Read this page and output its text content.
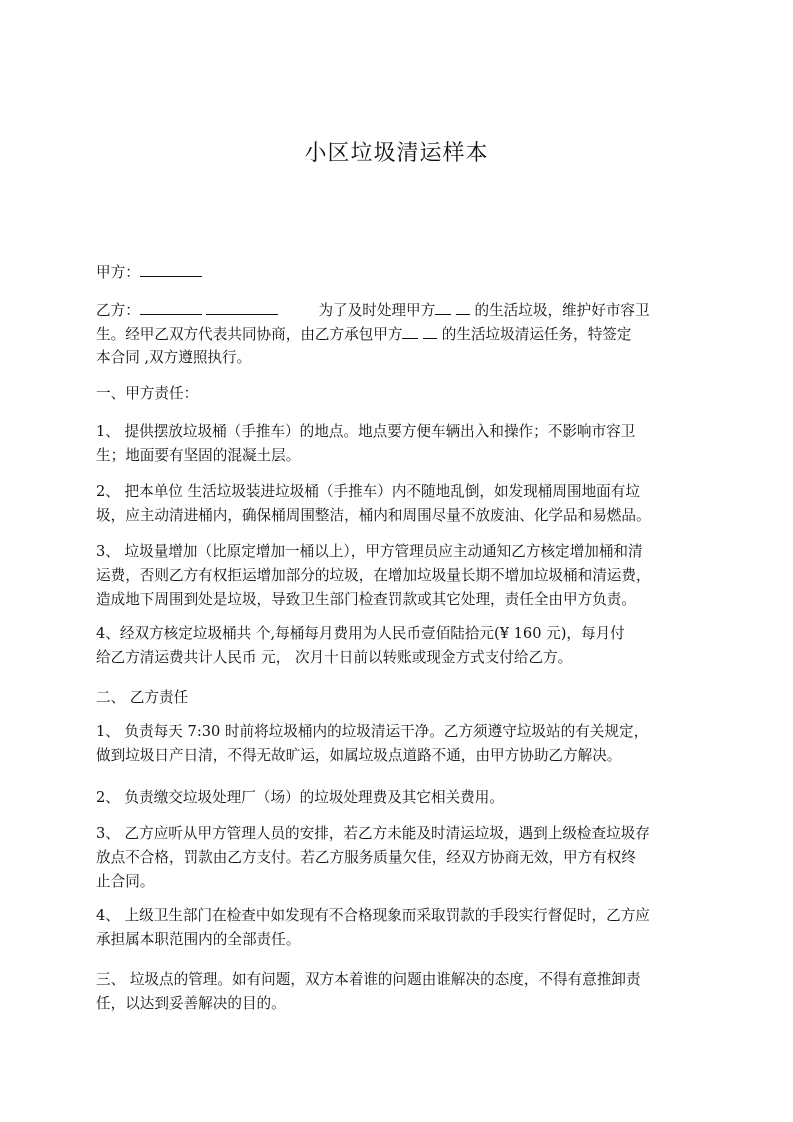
小区垃圾清运样本
甲方：
乙方：	为了及时处理甲方	的生活垃圾，维护好市容卫
生。经甲乙双方代表共同协商，由乙方承包甲方	的生活垃圾清运任务，特签定
本合同 ,双方遵照执行。
一、甲方责任：
1、 提供摆放垃圾桶（手推车）的地点。地点要方便车辆出入和操作；不影响市容卫
生；地面要有坚固的混凝土层。
2、 把本单位 生活垃圾装进垃圾桶（手推车）内不随地乱倒，如发现桶周围地面有垃
圾，应主动清进桶内，确保桶周围整洁，桶内和周围尽量不放废油、化学品和易燃品。
3、 垃圾量增加（比原定增加一桶以上），甲方管理员应主动通知乙方核定增加桶和清
运费，否则乙方有权拒运增加部分的垃圾，在增加垃圾量长期不增加垃圾桶和清运费，
造成地下周围到处是垃圾，导致卫生部门检查罚款或其它处理，责任全由甲方负责。
4、经双方核定垃圾桶共 个,每桶每月费用为人民币壹佰陆拾元(¥ 160 元)，每月付
给乙方清运费共计人民币 元， 次月十日前以转账或现金方式支付给乙方。
二、 乙方责任
1、 负责每天 7:30 时前将垃圾桶内的垃圾清运干净。乙方须遵守垃圾站的有关规定，
做到垃圾日产日清，不得无故旷运，如属垃圾点道路不通，由甲方协助乙方解决。
2、 负责缴交垃圾处理厂（场）的垃圾处理费及其它相关费用。
3、 乙方应听从甲方管理人员的安排，若乙方未能及时清运垃圾，遇到上级检查垃圾存
放点不合格，罚款由乙方支付。若乙方服务质量欠佳，经双方协商无效，甲方有权终
止合同。
4、 上级卫生部门在检查中如发现有不合格现象而采取罚款的手段实行督促时，乙方应
承担属本职范围内的全部责任。
三、 垃圾点的管理。如有问题，双方本着谁的问题由谁解决的态度，不得有意推卸责
任，以达到妥善解决的目的。
